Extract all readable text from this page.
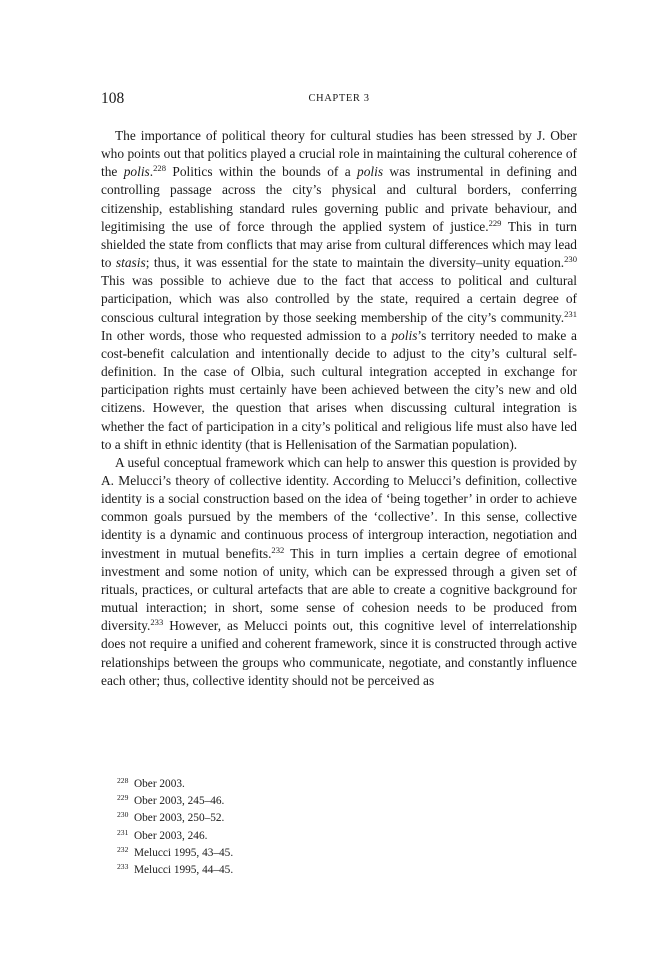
108	CHAPTER 3

The importance of political theory for cultural studies has been stressed by J. Ober who points out that politics played a crucial role in maintaining the cultural coherence of the polis.$^{228}$ Politics within the bounds of a polis was instrumental in defining and controlling passage across the city’s physical and cultural borders, conferring citizenship, establishing standard rules governing public and private behaviour, and legitimising the use of force through the applied system of justice.$^{229}$ This in turn shielded the state from conflicts that may arise from cultural differences which may lead to stasis; thus, it was essential for the state to maintain the diversity–unity equation.$^{230}$ This was possible to achieve due to the fact that access to political and cultural participation, which was also controlled by the state, required a certain degree of conscious cultural integration by those seeking membership of the city’s community.$^{231}$ In other words, those who requested admission to a polis’s territory needed to make a cost-benefit calculation and intentionally decide to adjust to the city’s cultural self-definition. In the case of Olbia, such cultural integration accepted in exchange for participation rights must certainly have been achieved between the city’s new and old citizens. However, the question that arises when discussing cultural integration is whether the fact of participation in a city’s political and religious life must also have led to a shift in ethnic identity (that is Hellenisation of the Sarmatian population).

A useful conceptual framework which can help to answer this question is provided by A. Melucci’s theory of collective identity. According to Melucci’s definition, collective identity is a social construction based on the idea of ‘being together’ in order to achieve common goals pursued by the members of the ‘collective’. In this sense, collective identity is a dynamic and continuous process of intergroup interaction, negotiation and investment in mutual benefits.$^{232}$ This in turn implies a certain degree of emotional investment and some notion of unity, which can be expressed through a given set of rituals, practices, or cultural artefacts that are able to create a cognitive background for mutual interaction; in short, some sense of cohesion needs to be produced from diversity.$^{233}$ However, as Melucci points out, this cognitive level of interrelationship does not require a unified and coherent framework, since it is constructed through active relationships between the groups who communicate, negotiate, and constantly influence each other; thus, collective identity should not be perceived as

228 Ober 2003.
229 Ober 2003, 245–46.
230 Ober 2003, 250–52.
231 Ober 2003, 246.
232 Melucci 1995, 43–45.
233 Melucci 1995, 44–45.
